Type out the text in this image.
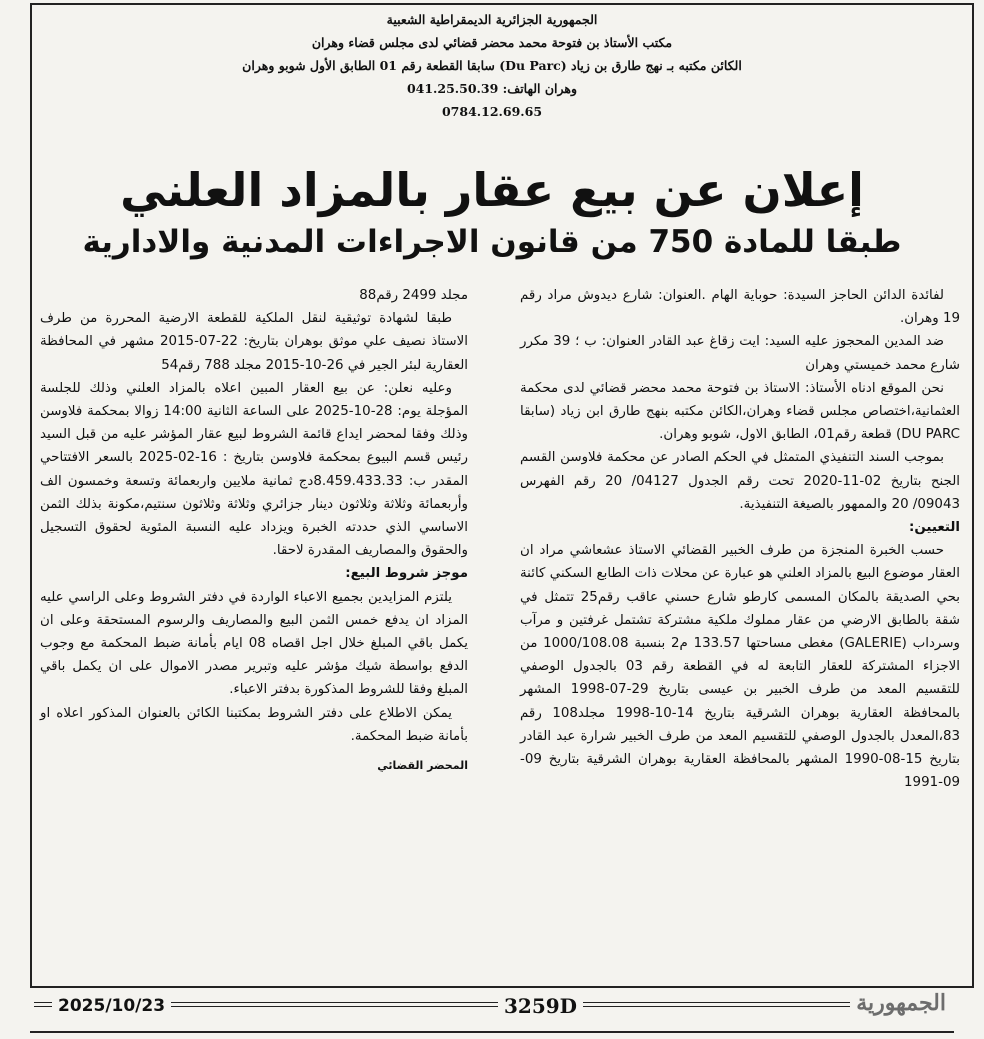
الجمهورية الجزائرية الديمقراطية الشعبية
مكتب الأستاذ بن فتوحة محمد محضر قضائي لدى مجلس قضاء وهران
الكائن مكتبه بـ نهج طارق بن زياد (Du Parc) سابقا القطعة رقم 01 الطابق الأول شوبو وهران
وهران الهاتف: 041.25.50.39
0784.12.69.65
إعلان عن بيع عقار بالمزاد العلني
طبقا للمادة 750 من قانون الاجراءات المدنية والادارية

لفائدة الدائن الحاجز السيدة: حوباية الهام .العنوان: شارع ديدوش مراد رقم 19 وهران.

ضد المدين المحجوز عليه السيد: ايت زقاغ عبد القادر العنوان: ب ؛ 39 مكرر شارع محمد خميستي وهران

نحن الموقع ادناه الأستاذ: الاستاذ بن فتوحة محمد محضر قضائي لدى محكمة العثمانية،اختصاص مجلس قضاء وهران،الكائن مكتبه بنهج طارق ابن زياد (سابقا DU PARC) قطعة رقم01، الطابق الاول، شوبو وهران.

بموجب السند التنفيذي المتمثل في الحكم الصادر عن محكمة فلاوسن القسم الجنح بتاريخ 02-11-2020 تحت رقم الجدول 04127/ 20 رقم الفهرس 09043/ 20 والممهور بالصيغة التنفيذية.

التعيين:

حسب الخبرة المنجزة من طرف الخبير القضائي الاستاذ عشعاشي مراد ان العقار موضوع البيع بالمزاد العلني هو عبارة عن محلات ذات الطابع السكني كائنة بحي الصديقة بالمكان المسمى كارطو شارع حسني عاقب رقم25 تتمثل في شقة بالطابق الارضي من عقار مملوك ملكية مشتركة تشتمل غرفتين و مرآب وسرداب (GALERIE) مغطى مساحتها 133.57 م2 بنسبة 1000/108.08 من الاجزاء المشتركة للعقار التابعة له في القطعة رقم 03 بالجدول الوصفي للتقسيم المعد من طرف الخبير بن عيسى بتاريخ 29-07-1998 المشهر بالمحافظة العقارية بوهران الشرقية بتاريخ 14-10-1998 مجلد108 رقم 83،المعدل بالجدول الوصفي للتقسيم المعد من طرف الخبير شرارة عبد القادر بتاريخ 15-08-1990 المشهر بالمحافظة العقارية بوهران الشرقية بتاريخ 09-09-1991

مجلد 2499 رقم88

طبقا لشهادة توثيقية لنقل الملكية للقطعة الارضية المحررة من طرف الاستاذ نصيف علي موثق بوهران بتاريخ: 22-07-2015 مشهر في المحافظة العقارية لبئر الجير في 26-10-2015 مجلد 788 رقم54

وعليه نعلن: عن بيع العقار المبين اعلاه بالمزاد العلني وذلك للجلسة المؤجلة يوم: 28-10-2025 على الساعة الثانية 14:00 زوالا بمحكمة فلاوسن وذلك وفقا لمحضر ايداع قائمة الشروط لبيع عقار المؤشر عليه من قبل السيد رئيس قسم البيوع بمحكمة فلاوسن بتاريخ : 16-02-2025 بالسعر الافتتاحي المقدر ب: 8.459.433.33دج ثمانية ملايين واربعمائة وتسعة وخمسون الف وأربعمائة وثلاثة وثلاثون دينار جزائري وثلاثة وثلاثون سنتيم،مكونة بذلك الثمن الاساسي الذي حددته الخبرة ويزداد عليه النسبة المئوية لحقوق التسجيل والحقوق والمصاريف المقدرة لاحقا.

موجز شروط البيع:

يلتزم المزايدين بجميع الاعباء الواردة في دفتر الشروط وعلى الراسي عليه المزاد ان يدفع خمس الثمن البيع والمصاريف والرسوم المستحقة وعلى ان يكمل باقي المبلغ خلال اجل اقصاه 08 ايام بأمانة ضبط المحكمة مع وجوب الدفع بواسطة شيك مؤشر عليه وتبرير مصدر الاموال على ان يكمل باقي المبلغ وفقا للشروط المذكورة بدفتر الاعباء.

يمكن الاطلاع على دفتر الشروط بمكتبنا الكائن بالعنوان المذكور اعلاه او بأمانة ضبط المحكمة.

المحضر القضائي

2025/10/23	3259D	الجمهورية
